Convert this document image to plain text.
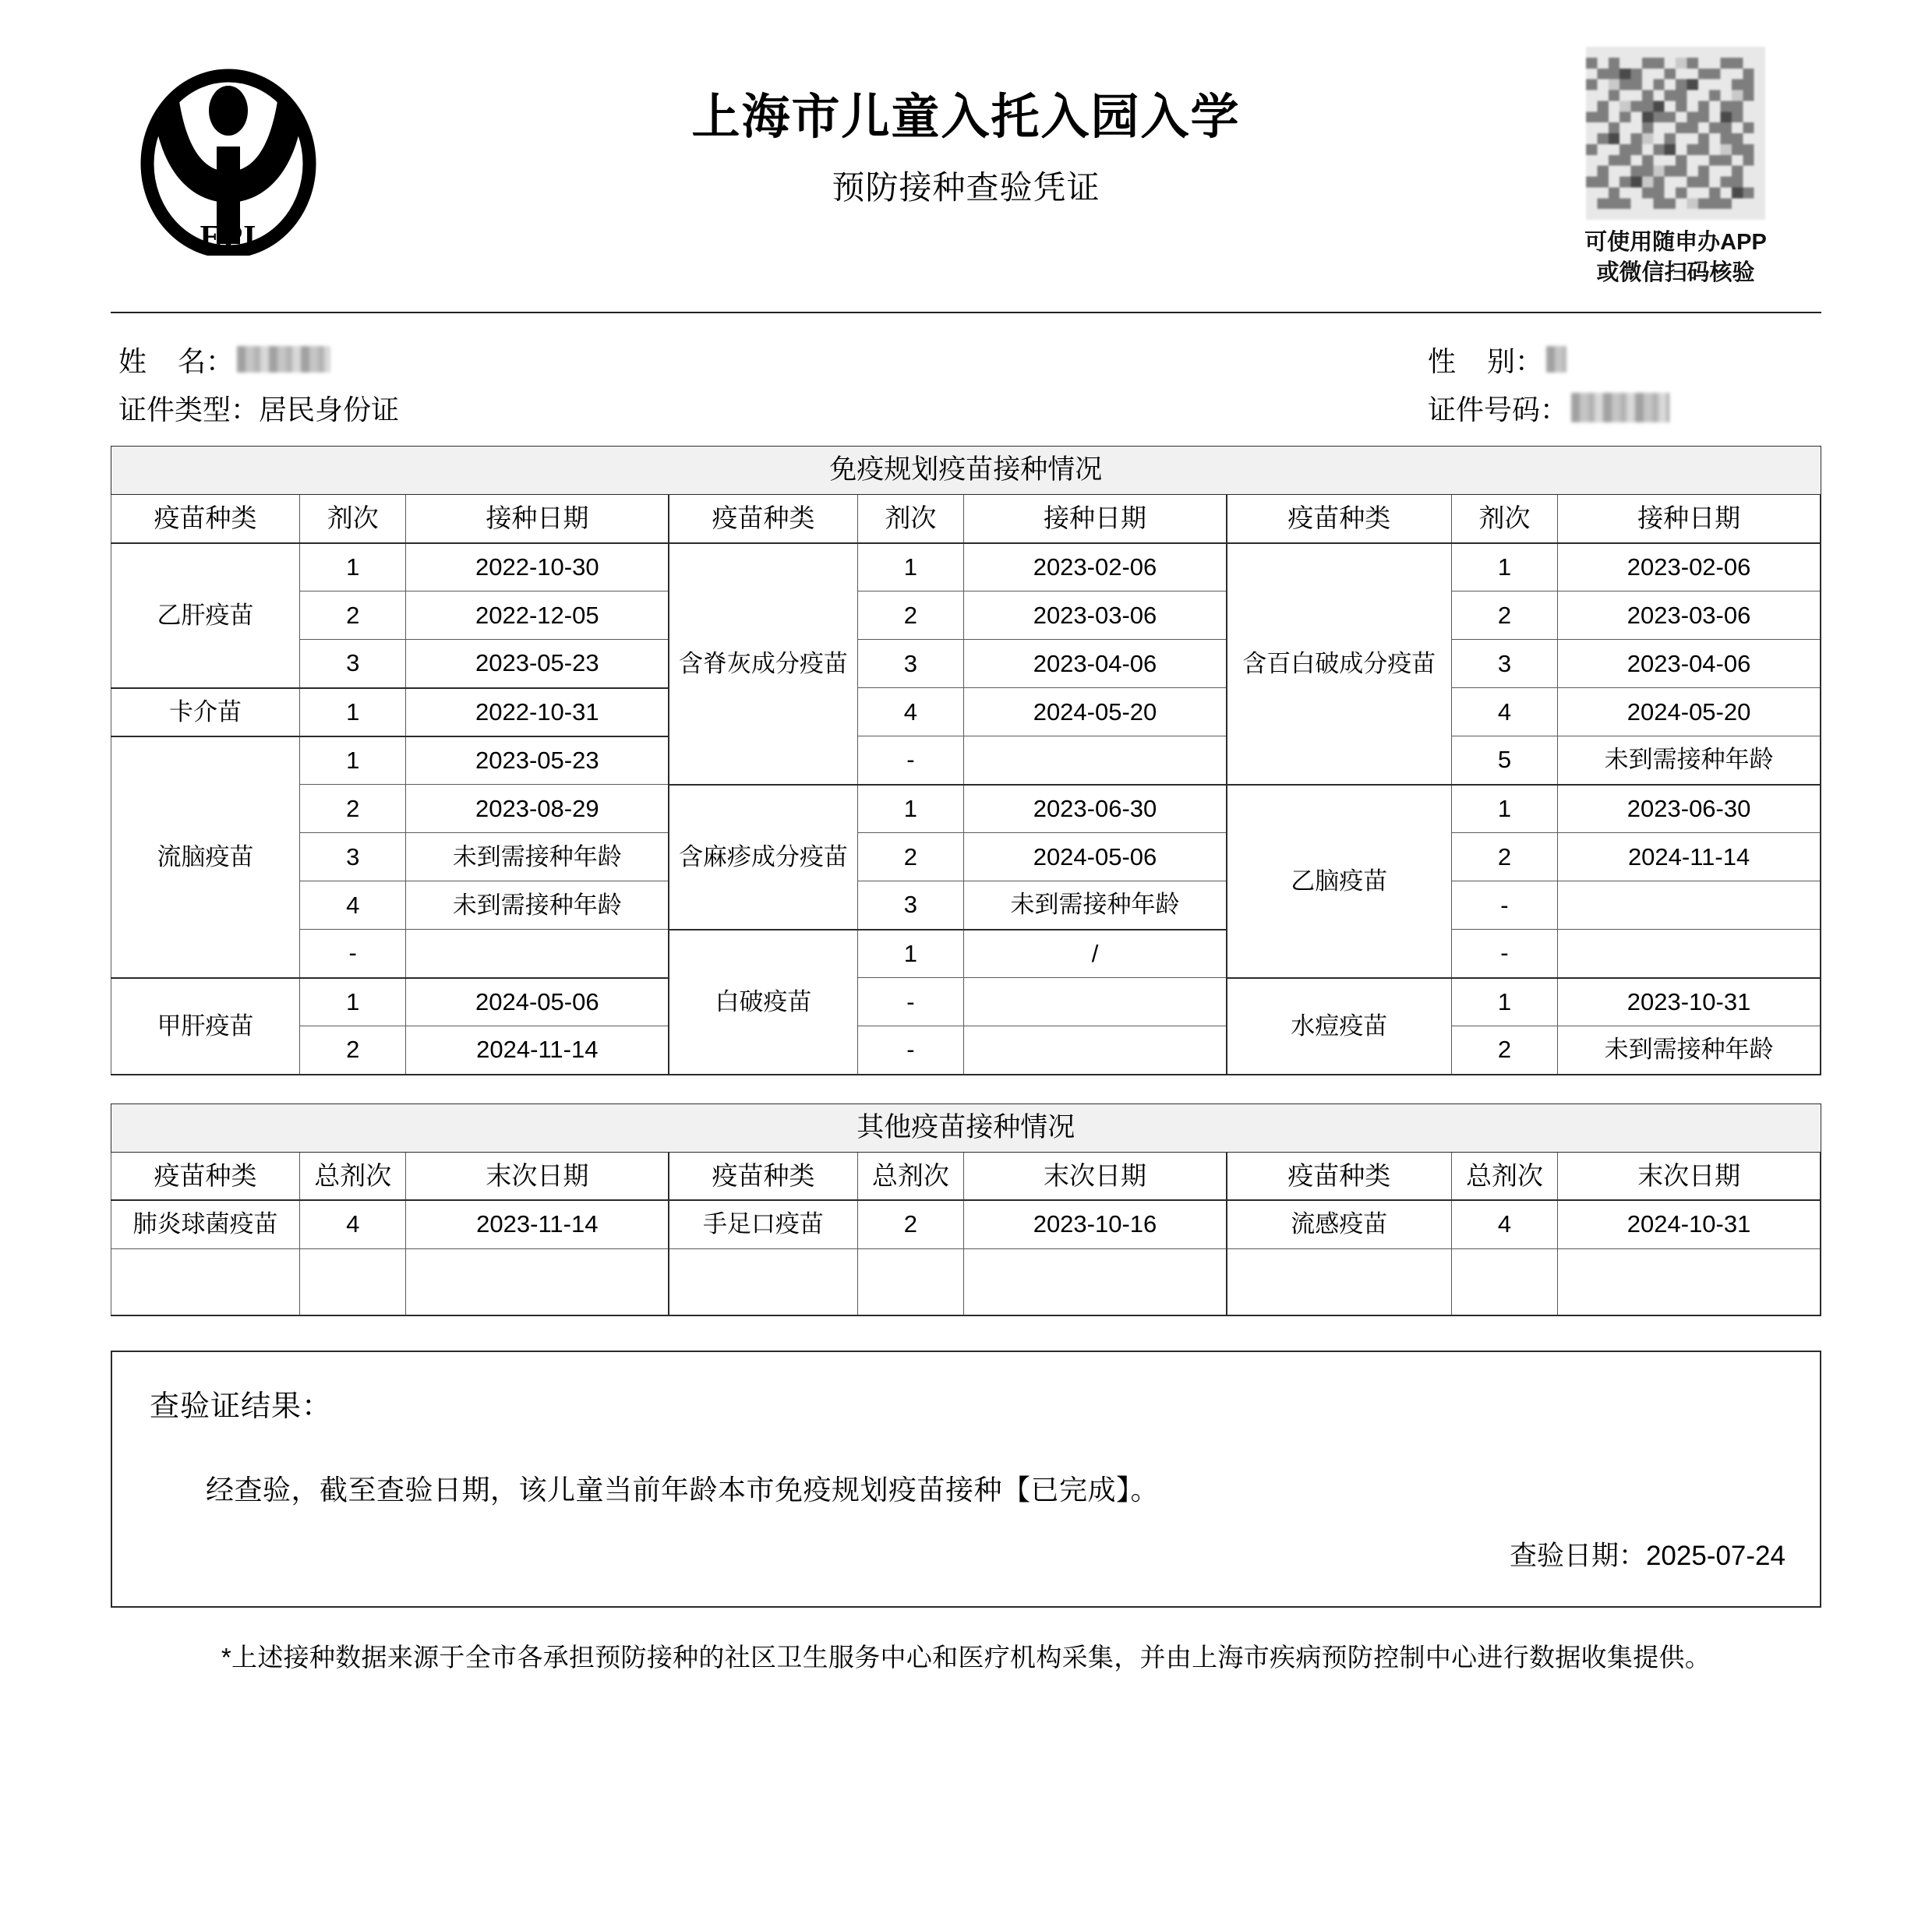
EPI
上海市儿童入托入园入学
预防接种查验凭证
可使用随申办APP
或微信扫码核验
姓    名：	性    别：
证件类型： 居民身份证	证件号码：
免疫规划疫苗接种情况								
疫苗种类	剂次	接种日期	疫苗种类	剂次	接种日期	疫苗种类	剂次	接种日期
乙肝疫苗	1	2022-10-30	含脊灰成分疫苗	1	2023-02-06	含百白破成分疫苗	1	2023-02-06
	2	2022-12-05		2	2023-03-06		2	2023-03-06
	3	2023-05-23		3	2023-04-06		3	2023-04-06
卡介苗	1	2022-10-31		4	2024-05-20		4	2024-05-20
流脑疫苗	1	2023-05-23		-			5	未到需接种年龄
	2	2023-08-29	含麻疹成分疫苗	1	2023-06-30	乙脑疫苗	1	2023-06-30
	3	未到需接种年龄		2	2024-05-06		2	2024-11-14
	4	未到需接种年龄		3	未到需接种年龄		-	
	-		白破疫苗	1	/		-	
甲肝疫苗	1	2024-05-06		-		水痘疫苗	1	2023-10-31
	2	2024-11-14		-			2	未到需接种年龄
其他疫苗接种情况								
疫苗种类	总剂次	末次日期	疫苗种类	总剂次	末次日期	疫苗种类	总剂次	末次日期
肺炎球菌疫苗	4	2023-11-14	手足口疫苗	2	2023-10-16	流感疫苗	4	2024-10-31

查验证结果：
经查验，截至查验日期，该儿童当前年龄本市免疫规划疫苗接种【已完成】。
查验日期：2025-07-24
*上述接种数据来源于全市各承担预防接种的社区卫生服务中心和医疗机构采集，并由上海市疾病预防控制中心进行数据收集提供。
